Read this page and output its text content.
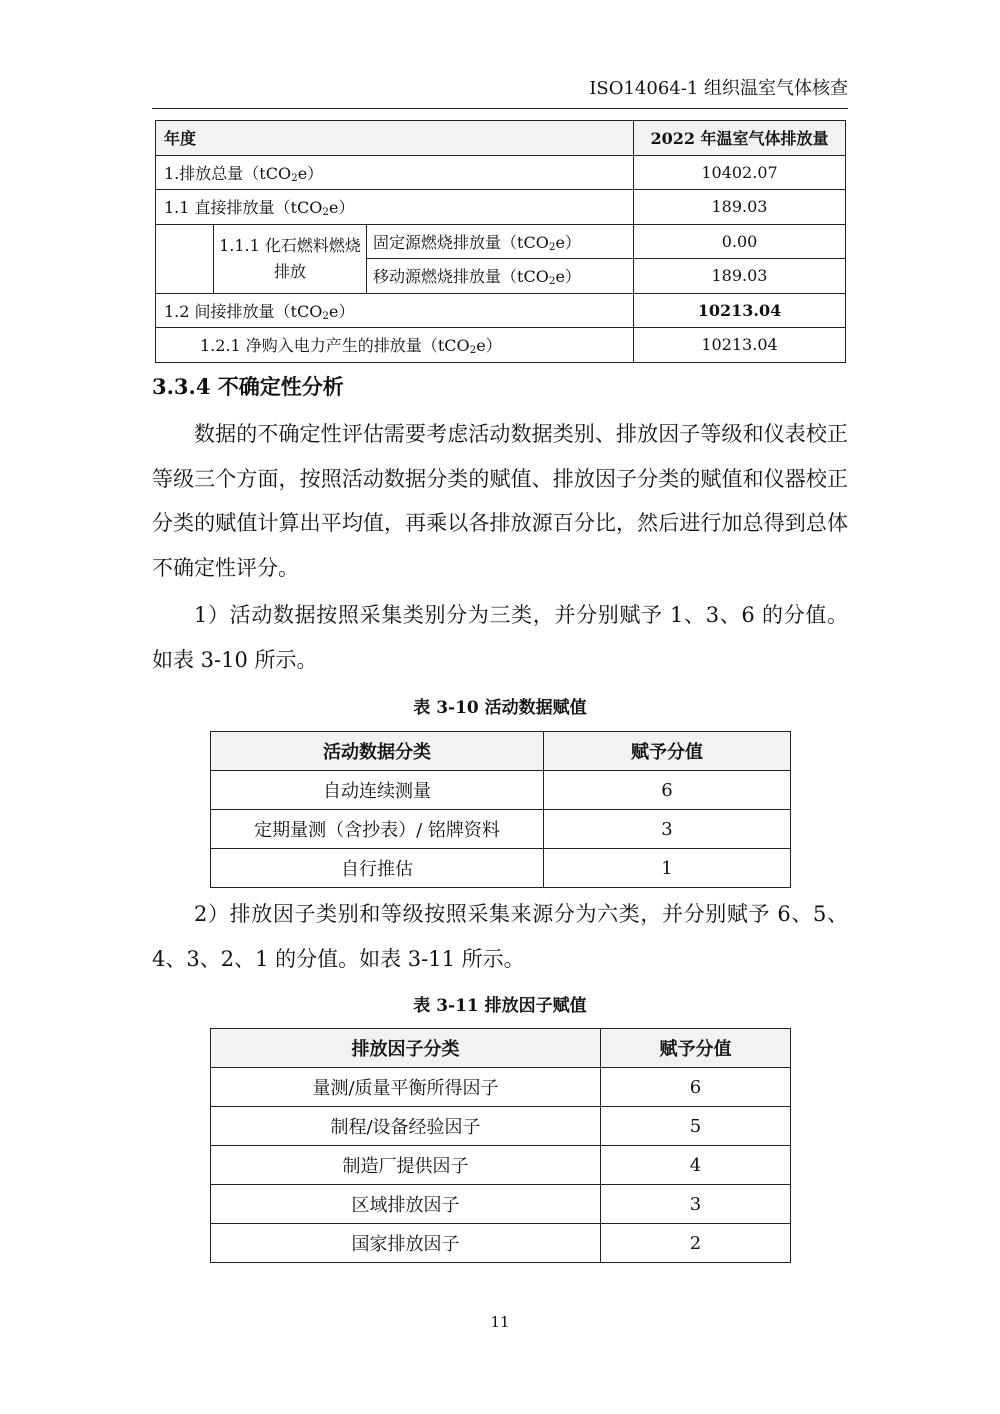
ISO14064-1 组织温室气体核查
年度			2022 年温室气体排放量
1.排放总量（tCO$_2$e）			10402.07
1.1 直接排放量（tCO$_2$e）			189.03
	1.1.1 化石燃料燃烧排放	固定源燃烧排放量（tCO$_2$e）	0.00
		移动源燃烧排放量（tCO$_2$e）	189.03
1.2 间接排放量（tCO$_2$e）			10213.04
1.2.1 净购入电力产生的排放量（tCO$_2$e）			10213.04
3.3.4 不确定性分析

数据的不确定性评估需要考虑活动数据类别、排放因子等级和仪表校正等级三个方面，按照活动数据分类的赋值、排放因子分类的赋值和仪器校正分类的赋值计算出平均值，再乘以各排放源百分比，然后进行加总得到总体不确定性评分。

1）活动数据按照采集类别分为三类，并分别赋予 1、3、6 的分值。如表 3-10 所示。

表 3-10 活动数据赋值
活动数据分类	赋予分值
自动连续测量	6
定期量测（含抄表）/ 铭牌资料	3
自行推估	1

2）排放因子类别和等级按照采集来源分为六类，并分别赋予 6、5、4、3、2、1 的分值。如表 3-11 所示。

表 3-11 排放因子赋值
排放因子分类	赋予分值
量测/质量平衡所得因子	6
制程/设备经验因子	5
制造厂提供因子	4
区域排放因子	3
国家排放因子	2
11
